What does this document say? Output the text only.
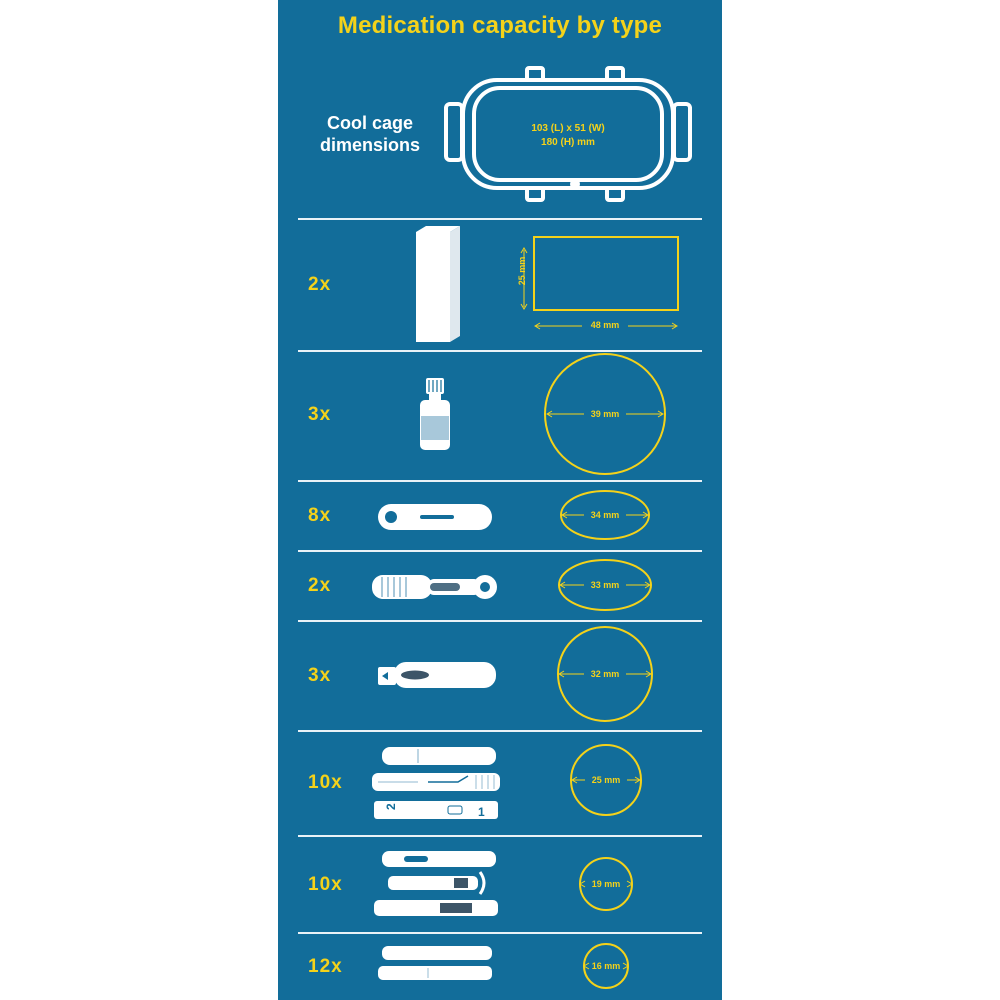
Medication capacity by type
Cool cage
dimensions
103 (L) x 51 (W)
180 (H) mm
2	1
2x
3x
8x
2x
3x
10x
10x
12x
25 mm
48 mm
39 mm
34 mm
33 mm
32 mm
25 mm
19 mm
16 mm
